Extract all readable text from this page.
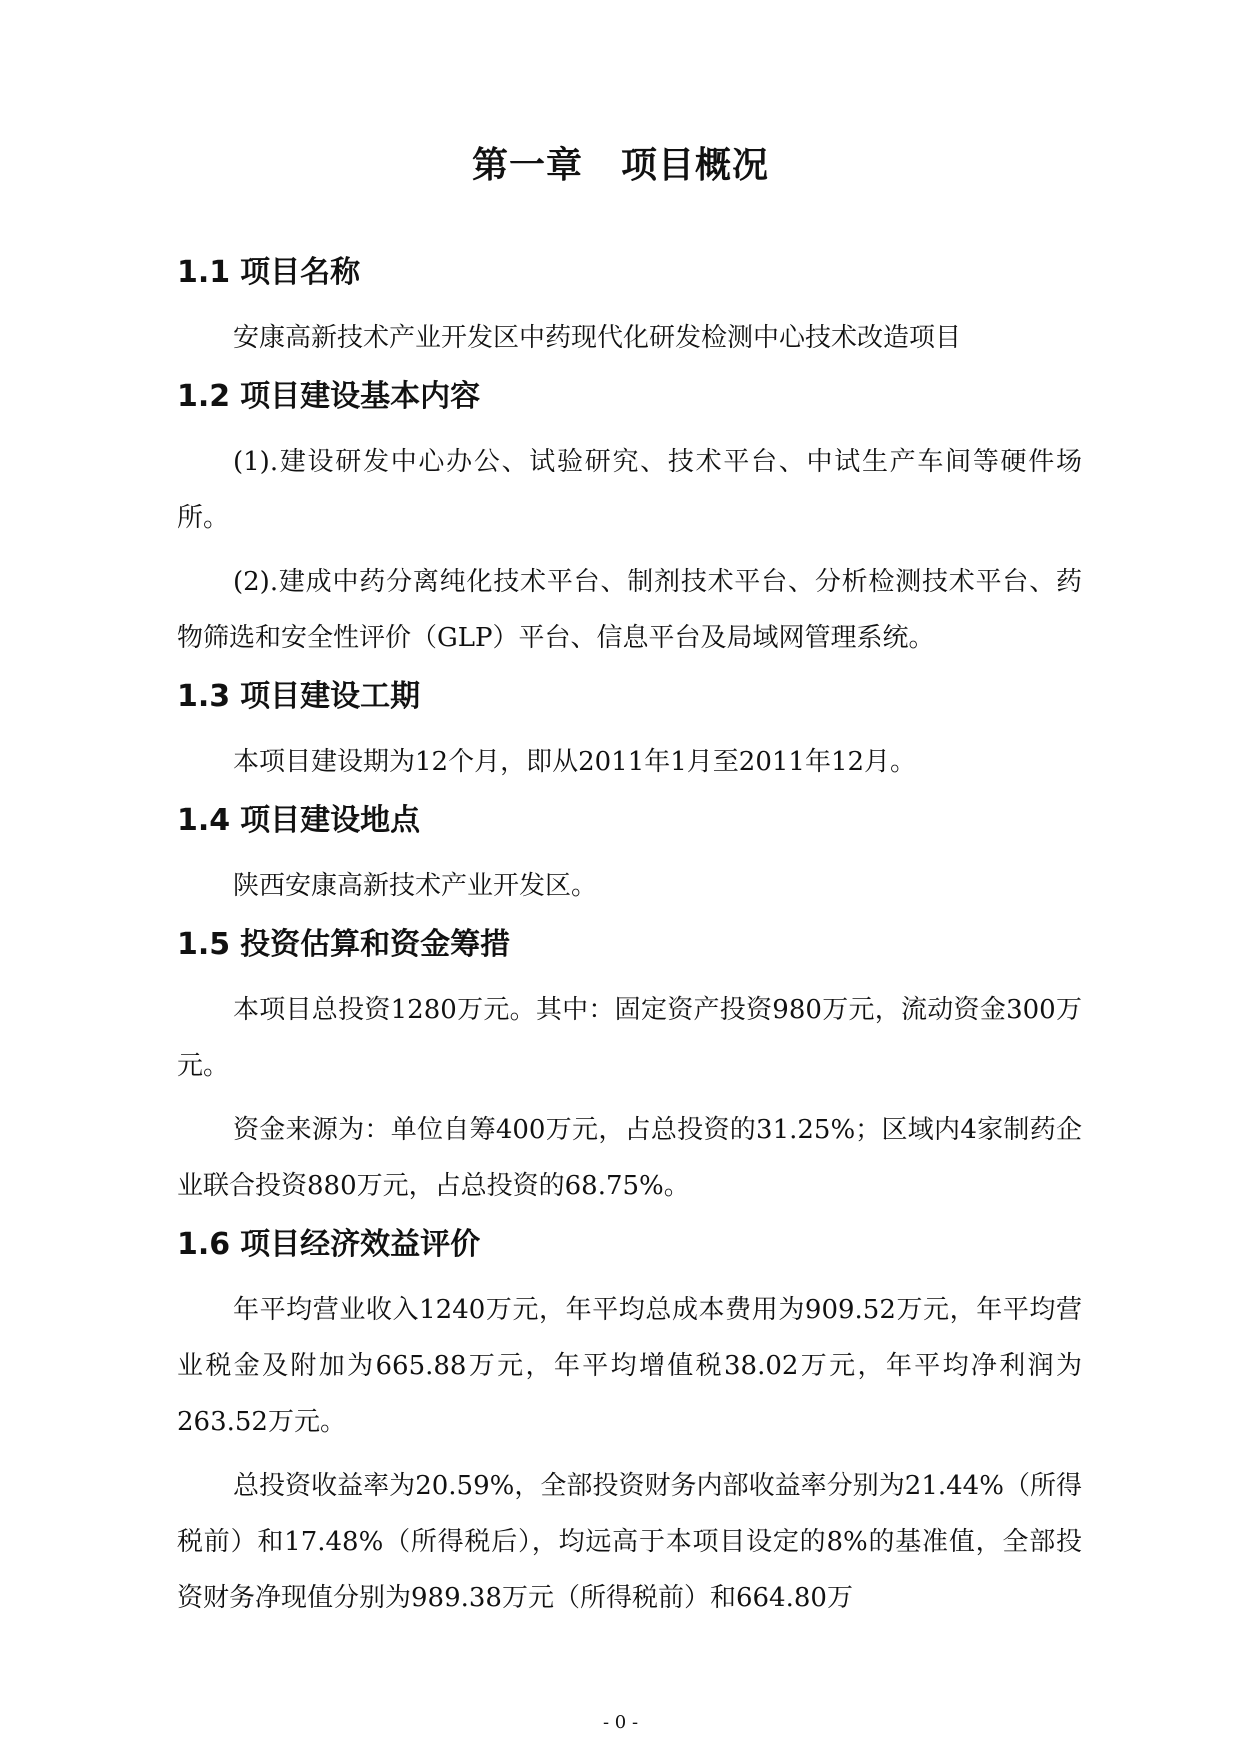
第一章 项目概况
1.1 项目名称

安康高新技术产业开发区中药现代化研发检测中心技术改造项目

1.2 项目建设基本内容

(1).建设研发中心办公、试验研究、技术平台、中试生产车间等硬件场所。

(2).建成中药分离纯化技术平台、制剂技术平台、分析检测技术平台、药物筛选和安全性评价（GLP）平台、信息平台及局域网管理系统。

1.3 项目建设工期

本项目建设期为12个月，即从2011年1月至2011年12月。

1.4 项目建设地点

陕西安康高新技术产业开发区。

1.5 投资估算和资金筹措

本项目总投资1280万元。其中：固定资产投资980万元，流动资金300万元。

资金来源为：单位自筹400万元，占总投资的31.25%；区域内4家制药企业联合投资880万元，占总投资的68.75%。

1.6 项目经济效益评价

年平均营业收入1240万元，年平均总成本费用为909.52万元，年平均营业税金及附加为665.88万元，年平均增值税38.02万元，年平均净利润为263.52万元。

总投资收益率为20.59%，全部投资财务内部收益率分别为21.44%（所得税前）和17.48%（所得税后），均远高于本项目设定的8%的基准值，全部投资财务净现值分别为989.38万元（所得税前）和664.80万

- 0 -
